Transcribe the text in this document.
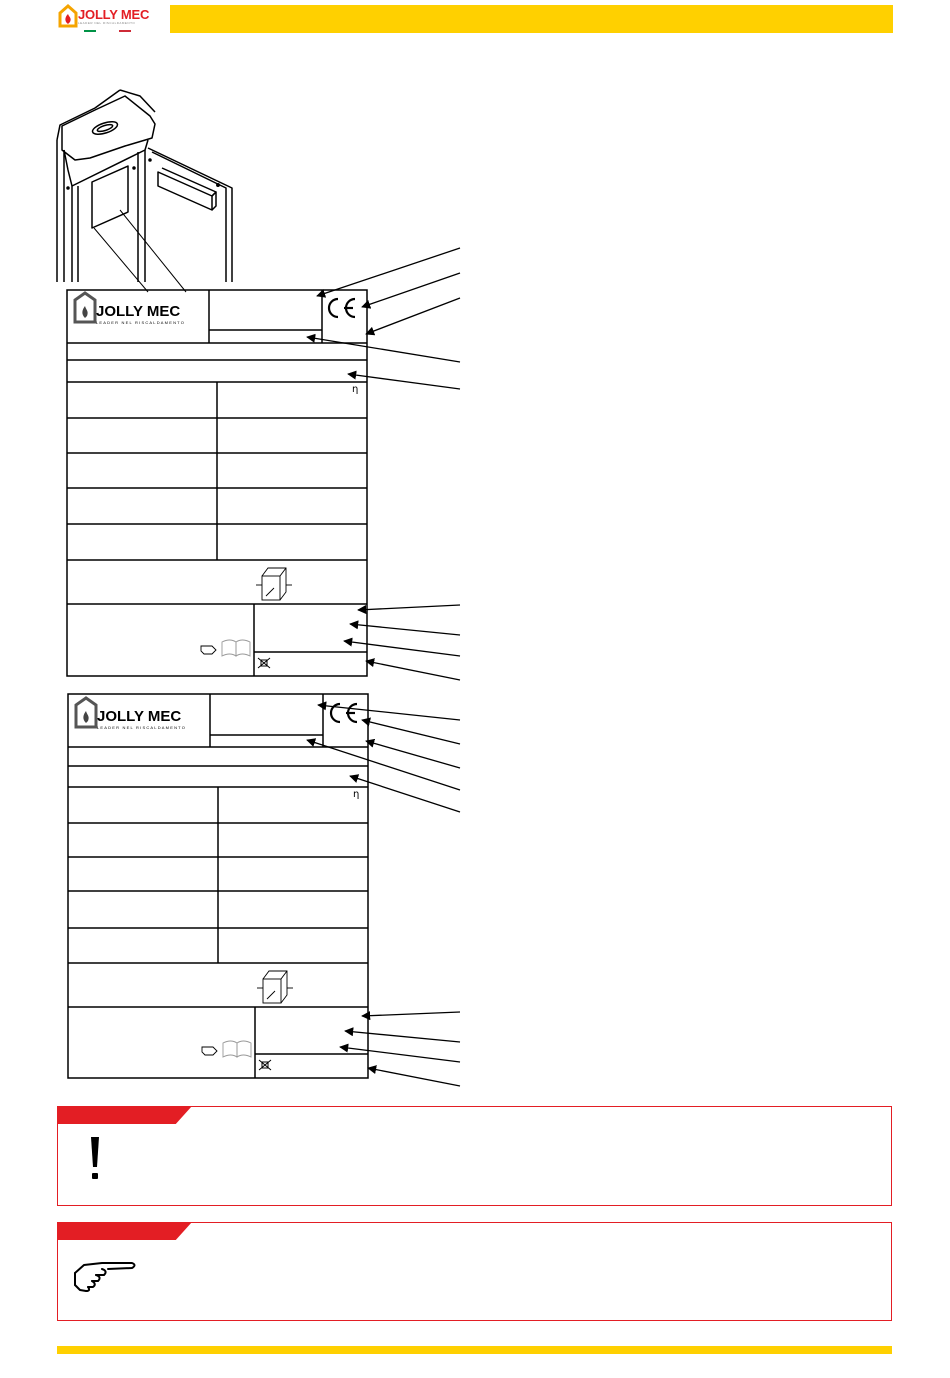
JOLLY MEC
LEADER NEL RISCALDAMENTO
JOLLY MEC
LEADER NEL RISCALDAMENTO
η
JOLLY MEC
LEADER NEL RISCALDAMENTO
η
